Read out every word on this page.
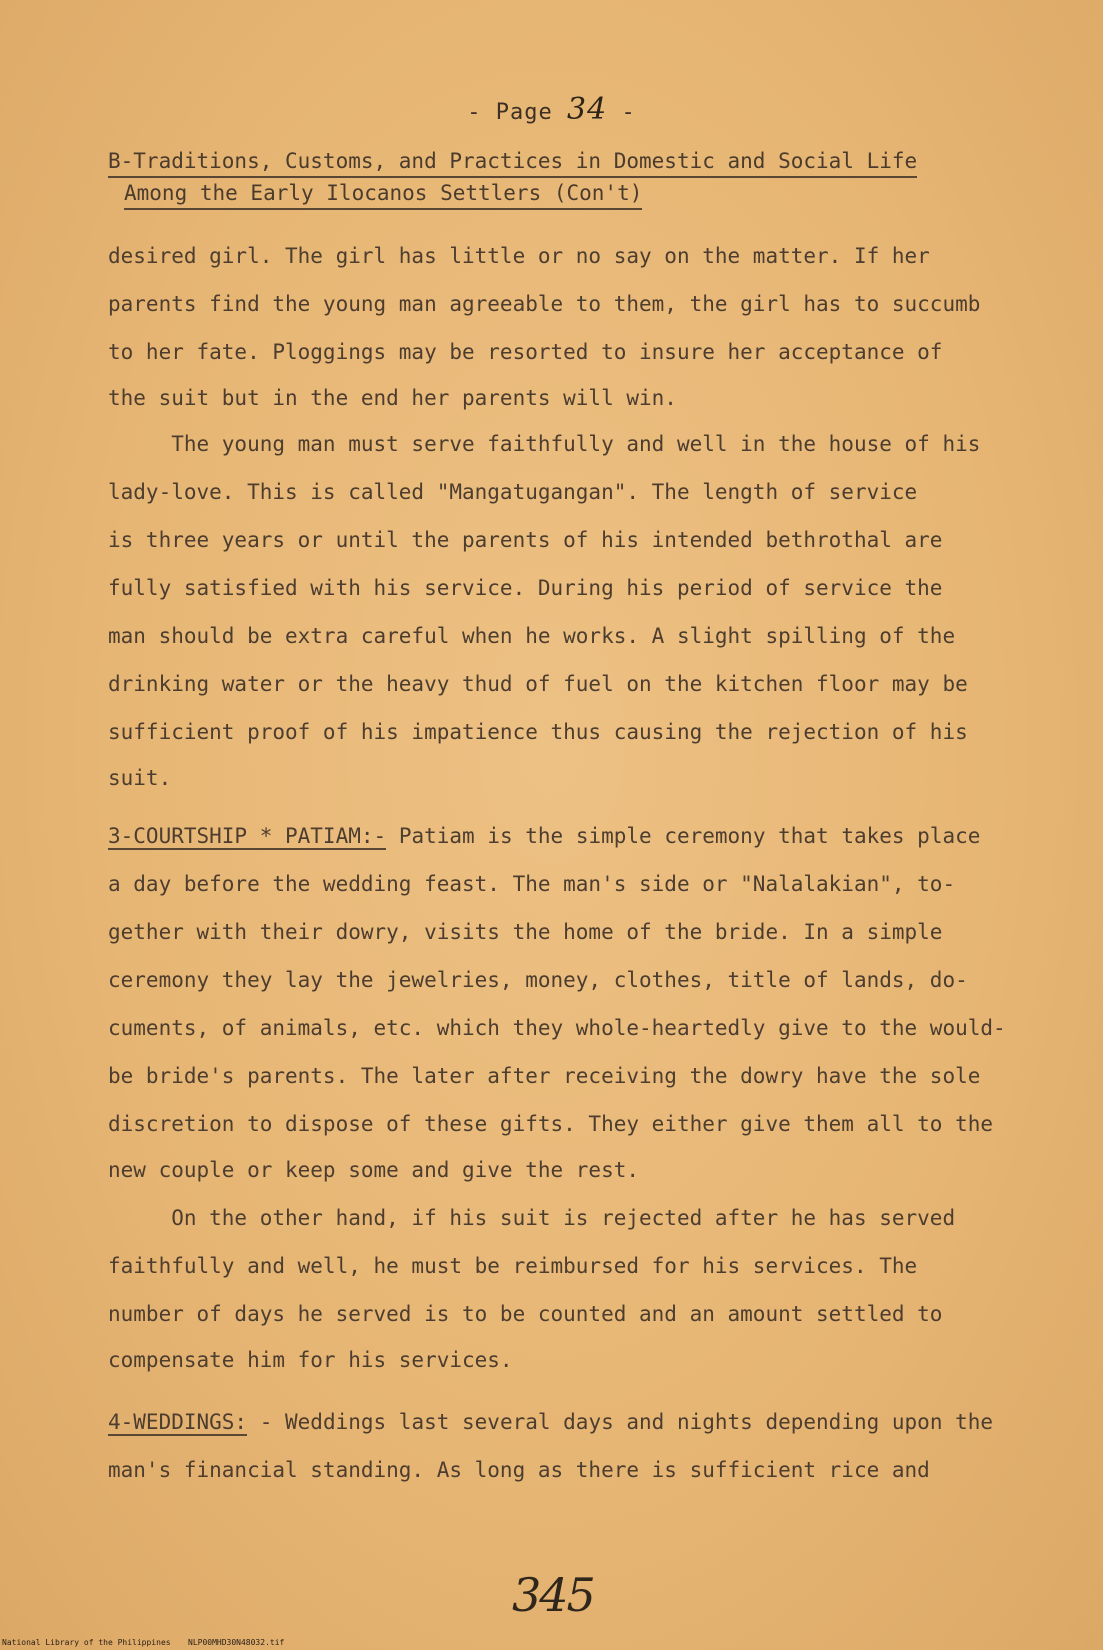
- Page 34 -
B-Traditions, Customs, and Practices in Domestic and Social Life
Among the Early Ilocanos Settlers (Con't)
desired girl. The girl has little or no say on the matter. If her
parents find the young man agreeable to them, the girl has to succumb
to her fate. Ploggings may be resorted to insure her acceptance of
the suit but in the end her parents will win.
The young man must serve faithfully and well in the house of his
lady-love. This is called "Mangatugangan". The length of service
is three years or until the parents of his intended bethrothal are
fully satisfied with his service. During his period of service the
man should be extra careful when he works. A slight spilling of the
drinking water or the heavy thud of fuel on the kitchen floor may be
sufficient proof of his impatience thus causing the rejection of his
suit.
3-COURTSHIP * PATIAM:- Patiam is the simple ceremony that takes place
a day before the wedding feast. The man's side or "Nalalakian", to-
gether with their dowry, visits the home of the bride. In a simple
ceremony they lay the jewelries, money, clothes, title of lands, do-
cuments, of animals, etc. which they whole-heartedly give to the would-
be bride's parents. The later after receiving the dowry have the sole
discretion to dispose of these gifts. They either give them all to the
new couple or keep some and give the rest.
On the other hand, if his suit is rejected after he has served
faithfully and well, he must be reimbursed for his services. The
number of days he served is to be counted and an amount settled to
compensate him for his services.
4-WEDDINGS: - Weddings last several days and nights depending upon the
man's financial standing. As long as there is sufficient rice and
345
National Library of the Philippines NLP00MHD30N48032.tif
